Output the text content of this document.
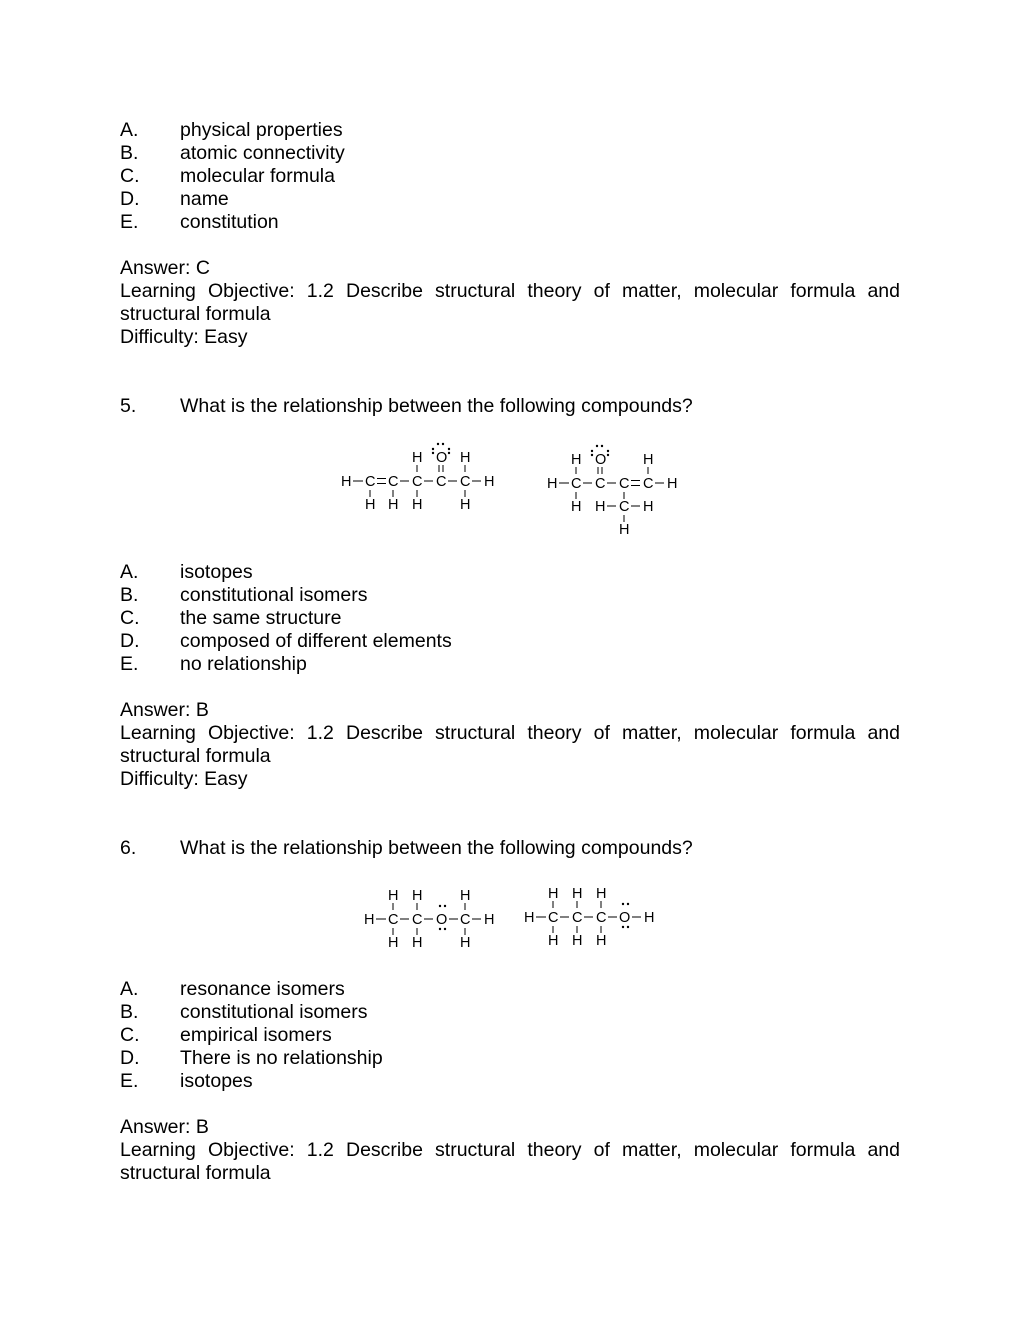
A. physical properties
B. atomic connectivity
C. molecular formula
D. name
E. constitution
Answer: C
Learning Objective: 1.2 Describe structural theory of matter, molecular formula and
structural formula
Difficulty: Easy
5. What is the relationship between the following compounds?
H C C C C C H
H O H
H H H	H
H C C C C H
H O	H
H H C H
H
A. isotopes
B. constitutional isomers
C. the same structure
D. composed of different elements
E. no relationship
Answer: B
Learning Objective: 1.2 Describe structural theory of matter, molecular formula and
structural formula
Difficulty: Easy
6. What is the relationship between the following compounds?
H C C O C H
H H	H
H H	H
H C C C O H
H H H
H H H
A. resonance isomers
B. constitutional isomers
C. empirical isomers
D. There is no relationship
E. isotopes
Answer: B
Learning Objective: 1.2 Describe structural theory of matter, molecular formula and
structural formula
